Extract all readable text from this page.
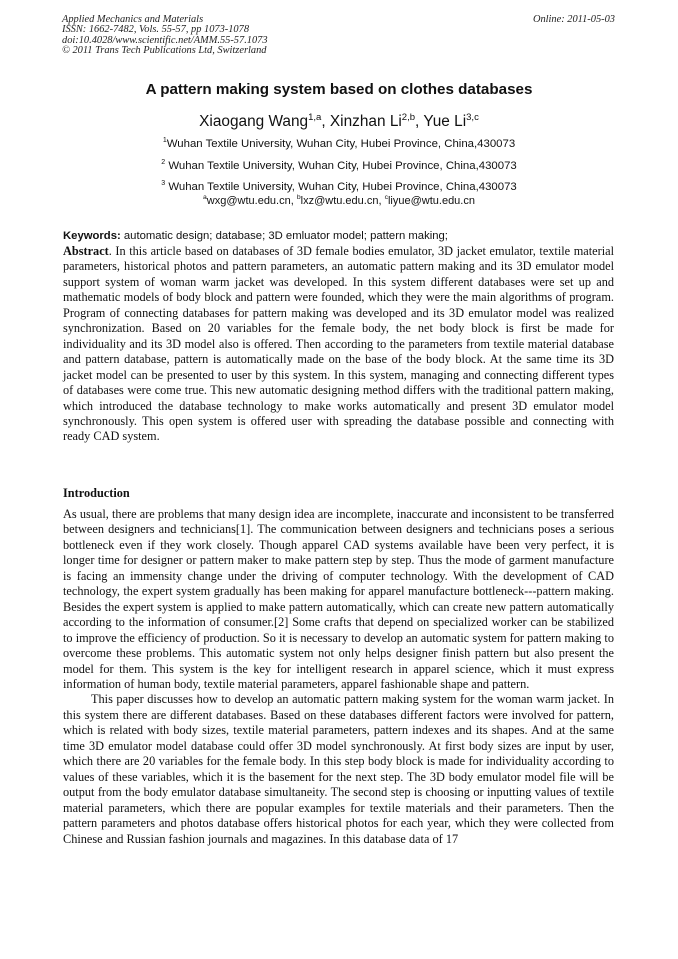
Applied Mechanics and Materials
ISSN: 1662-7482, Vols. 55-57, pp 1073-1078
doi:10.4028/www.scientific.net/AMM.55-57.1073
© 2011 Trans Tech Publications Ltd, Switzerland
Online: 2011-05-03
A pattern making system based on clothes databases
Xiaogang Wang$^{1,a}$, Xinzhan Li$^{2,b}$, Yue Li$^{3,c}$
$^1$Wuhan Textile University, Wuhan City, Hubei Province, China,430073
$^2$ Wuhan Textile University, Wuhan City, Hubei Province, China,430073
$^3$ Wuhan Textile University, Wuhan City, Hubei Province, China,430073
$^a$wxg@wtu.edu.cn, $^b$lxz@wtu.edu.cn, $^c$liyue@wtu.edu.cn
Keywords: automatic design; database; 3D emluator model; pattern making;

Abstract. In this article based on databases of 3D female bodies emulator, 3D jacket emulator, textile material parameters, historical photos and pattern parameters, an automatic pattern making and its 3D emulator model support system of woman warm jacket was developed. In this system different databases were set up and mathematic models of body block and pattern were founded, which they were the main algorithms of program. Program of connecting databases for pattern making was developed and its 3D emulator model was realized synchronization. Based on 20 variables for the female body, the net body block is first be made for individuality and its 3D model also is offered. Then according to the parameters from textile material database and pattern database, pattern is automatically made on the base of the body block. At the same time its 3D jacket model can be presented to user by this system. In this system, managing and connecting different types of databases were come true. This new automatic designing method differs with the traditional pattern making, which introduced the database technology to make works automatically and present 3D emulator model synchronously. This open system is offered user with spreading the database possible and connecting with ready CAD system.

Introduction

As usual, there are problems that many design idea are incomplete, inaccurate and inconsistent to be transferred between designers and technicians[1]. The communication between designers and technicians poses a serious bottleneck even if they work closely. Though apparel CAD systems available have been very perfect, it is longer time for designer or pattern maker to make pattern step by step. Thus the mode of garment manufacture is facing an immensity change under the driving of computer technology. With the development of CAD technology, the expert system gradually has been making for apparel manufacture bottleneck---pattern making. Besides the expert system is applied to make pattern automatically, which can create new pattern automatically according to the information of consumer.[2] Some crafts that depend on specialized worker can be stabilized to improve the efficiency of production. So it is necessary to develop an automatic system for pattern making to overcome these problems. This automatic system not only helps designer finish pattern but also present the model for them. This system is the key for intelligent research in apparel science, which it must express information of human body, textile material parameters, apparel fashionable shape and pattern.

This paper discusses how to develop an automatic pattern making system for the woman warm jacket. In this system there are different databases. Based on these databases different factors were involved for pattern, which is related with body sizes, textile material parameters, pattern indexes and its shapes. And at the same time 3D emulator model database could offer 3D model synchronously. At first body sizes are input by user, which there are 20 variables for the female body. In this step body block is made for individuality according to values of these variables, which it is the basement for the next step. The 3D body emulator model file will be output from the body emulator database simultaneity. The second step is choosing or inputting values of textile material parameters, which there are popular examples for textile materials and their parameters. Then the pattern parameters and photos database offers historical photos for each year, which they were collected from Chinese and Russian fashion journals and magazines. In this database data of 17
